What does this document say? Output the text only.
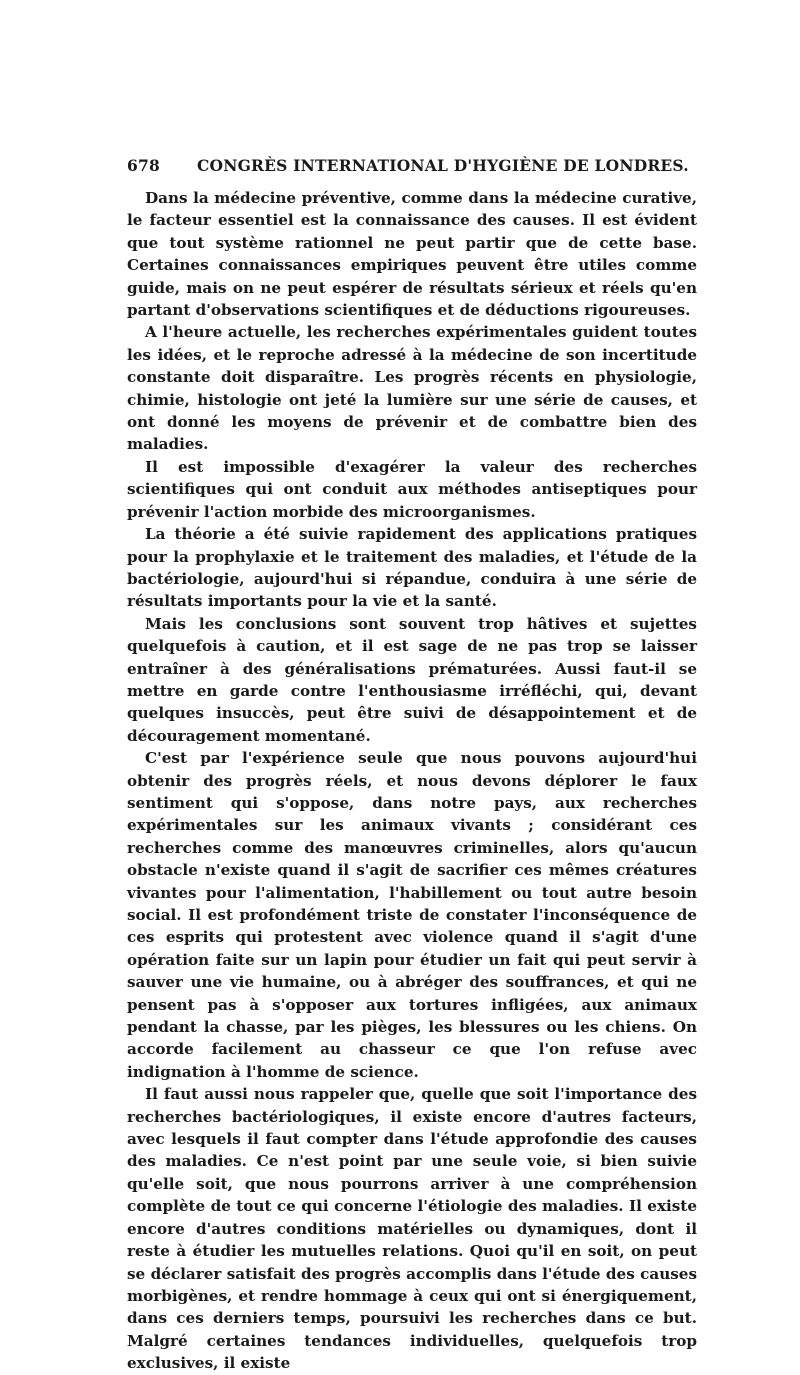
678	CONGRÈS INTERNATIONAL D'HYGIÈNE DE LONDRES.

Dans la médecine préventive, comme dans la médecine curative, le facteur essentiel est la connaissance des causes. Il est évident que tout système rationnel ne peut partir que de cette base. Certaines connaissances empiriques peuvent être utiles comme guide, mais on ne peut espérer de résultats sérieux et réels qu'en partant d'observations scientifiques et de déductions rigoureuses.

A l'heure actuelle, les recherches expérimentales guident toutes les idées, et le reproche adressé à la médecine de son incertitude constante doit disparaître. Les progrès récents en physiologie, chimie, histologie ont jeté la lumière sur une série de causes, et ont donné les moyens de prévenir et de combattre bien des maladies.

Il est impossible d'exagérer la valeur des recherches scientifiques qui ont conduit aux méthodes antiseptiques pour prévenir l'action morbide des microorganismes.

La théorie a été suivie rapidement des applications pratiques pour la prophylaxie et le traitement des maladies, et l'étude de la bactériologie, aujourd'hui si répandue, conduira à une série de résultats importants pour la vie et la santé.

Mais les conclusions sont souvent trop hâtives et sujettes quelquefois à caution, et il est sage de ne pas trop se laisser entraîner à des généralisations prématurées. Aussi faut-il se mettre en garde contre l'enthousiasme irréfléchi, qui, devant quelques insuccès, peut être suivi de désappointement et de découragement momentané.

C'est par l'expérience seule que nous pouvons aujourd'hui obtenir des progrès réels, et nous devons déplorer le faux sentiment qui s'oppose, dans notre pays, aux recherches expérimentales sur les animaux vivants ; considérant ces recherches comme des manœuvres criminelles, alors qu'aucun obstacle n'existe quand il s'agit de sacrifier ces mêmes créatures vivantes pour l'alimentation, l'habillement ou tout autre besoin social. Il est profondément triste de constater l'inconséquence de ces esprits qui protestent avec violence quand il s'agit d'une opération faite sur un lapin pour étudier un fait qui peut servir à sauver une vie humaine, ou à abréger des souffrances, et qui ne pensent pas à s'opposer aux tortures infligées, aux animaux pendant la chasse, par les pièges, les blessures ou les chiens. On accorde facilement au chasseur ce que l'on refuse avec indignation à l'homme de science.

Il faut aussi nous rappeler que, quelle que soit l'importance des recherches bactériologiques, il existe encore d'autres facteurs, avec lesquels il faut compter dans l'étude approfondie des causes des maladies. Ce n'est point par une seule voie, si bien suivie qu'elle soit, que nous pourrons arriver à une compréhension complète de tout ce qui concerne l'étiologie des maladies. Il existe encore d'autres conditions matérielles ou dynamiques, dont il reste à étudier les mutuelles relations. Quoi qu'il en soit, on peut se déclarer satisfait des progrès accomplis dans l'étude des causes morbigènes, et rendre hommage à ceux qui ont si énergiquement, dans ces derniers temps, poursuivi les recherches dans ce but. Malgré certaines tendances individuelles, quelquefois trop exclusives, il existe
